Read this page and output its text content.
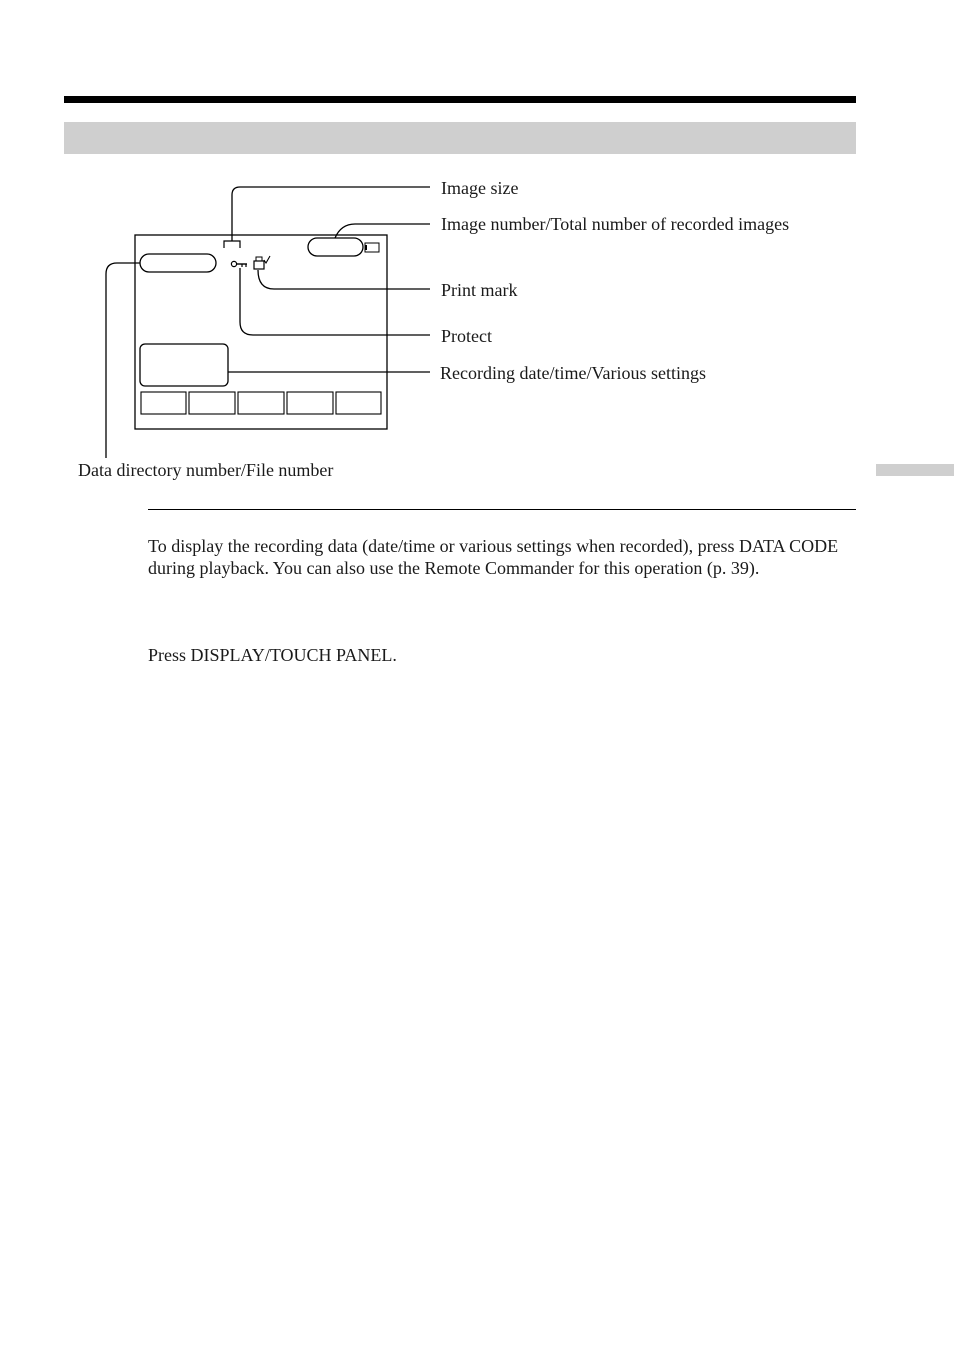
Image size
Image number/Total number of recorded images
Print mark
Protect
Recording date/time/Various settings
Data directory number/File number
To display the recording data (date/time or various settings when recorded), press DATA CODE during playback. You can also use the Remote Commander for this operation (p. 39).
Press DISPLAY/TOUCH PANEL.
